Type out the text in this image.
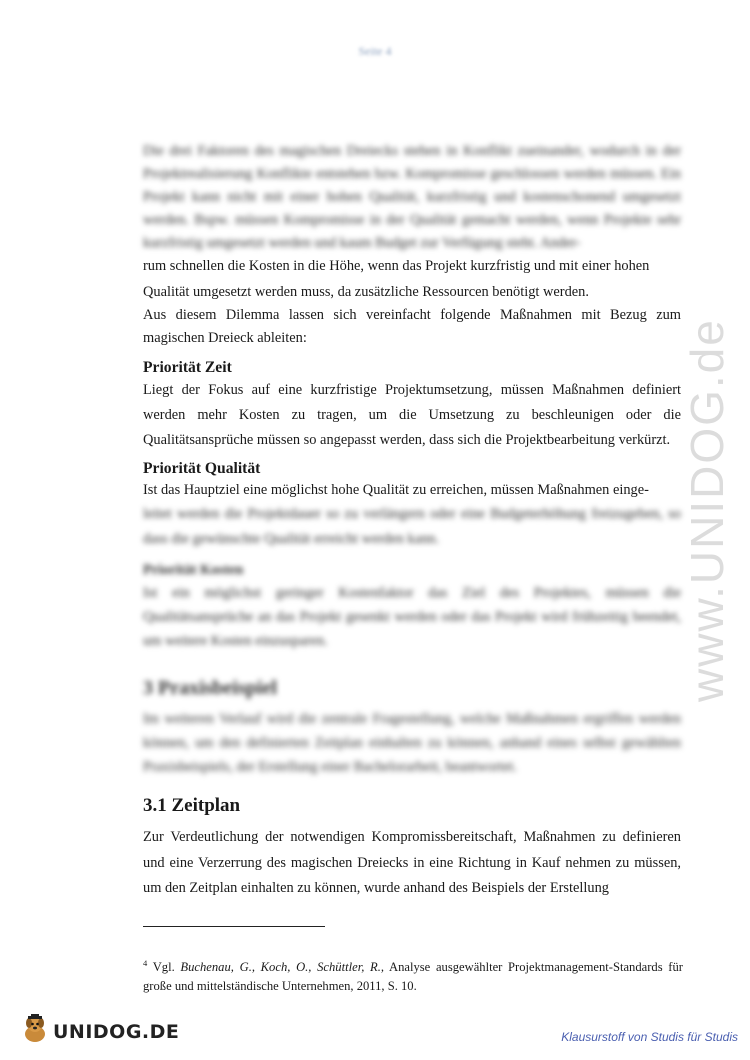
Seite 4
www.UNIDOG.de

Die drei Faktoren des magischen Dreiecks stehen in Konflikt zueinander, wodurch in der Projektrealisierung Konflikte entstehen bzw. Kompromisse geschlossen werden müssen. Ein Projekt kann nicht mit einer hohen Qualität, kurzfristig und kostenschonend umgesetzt werden. Bspw. müssen Kompromisse in der Qualität gemacht werden, wenn Projekte sehr kurzfristig umgesetzt werden und kaum Budget zur Verfügung steht. Ander-

rum schnellen die Kosten in die Höhe, wenn das Projekt kurzfristig und mit einer hohen

Qualität umgesetzt werden muss, da zusätzliche Ressourcen benötigt werden.

Aus diesem Dilemma lassen sich vereinfacht folgende Maßnahmen mit Bezug zum magischen Dreieck ableiten:

Priorität Zeit

Liegt der Fokus auf eine kurzfristige Projektumsetzung, müssen Maßnahmen definiert werden mehr Kosten zu tragen, um die Umsetzung zu beschleunigen oder die Qualitätsansprüche müssen so angepasst werden, dass sich die Projektbearbeitung verkürzt.

Priorität Qualität

Ist das Hauptziel eine möglichst hohe Qualität zu erreichen, müssen Maßnahmen einge-

leitet werden die Projektdauer so zu verlängern oder eine Budgeterhöhung freizugeben, so dass die gewünschte Qualität erreicht werden kann.

Priorität Kosten

Ist ein möglichst geringer Kostenfaktor das Ziel des Projektes, müssen die Qualitätsansprüche an das Projekt gesenkt werden oder das Projekt wird frühzeitig beendet, um weitere Kosten einzusparen.

3 Praxisbeispiel

Im weiteren Verlauf wird die zentrale Fragestellung, welche Maßnahmen ergriffen werden können, um den definierten Zeitplan einhalten zu können, anhand eines selbst gewählten Praxisbeispiels, der Erstellung einer Bachelorarbeit, beantwortet.

3.1 Zeitplan

Zur Verdeutlichung der notwendigen Kompromissbereitschaft, Maßnahmen zu definieren und eine Verzerrung des magischen Dreiecks in eine Richtung in Kauf nehmen zu müssen, um den Zeitplan einhalten zu können, wurde anhand des Beispiels der Erstellung

$^4$ Vgl. Buchenau, G., Koch, O., Schüttler, R., Analyse ausgewählter Projektmanagement-Standards für große und mittelständische Unternehmen, 2011, S. 10.
UNIDOG.DE	Klausurstoff von Studis für Studis
